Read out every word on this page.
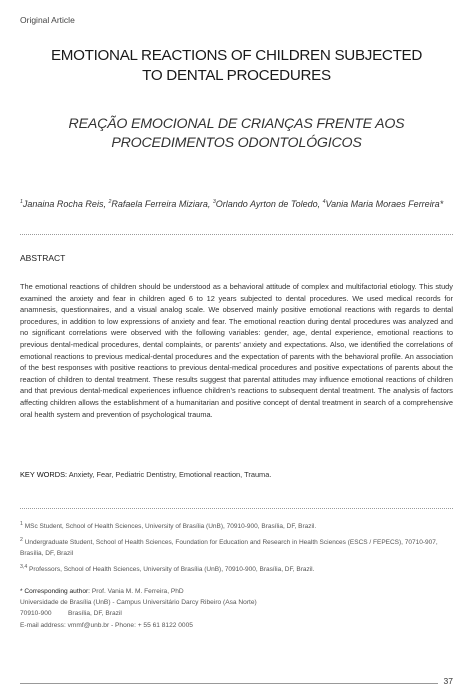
Original Article
EMOTIONAL REACTIONS OF CHILDREN SUBJECTED
TO DENTAL PROCEDURES
REAÇÃO EMOCIONAL DE CRIANÇAS FRENTE AOS
PROCEDIMENTOS ODONTOLÓGICOS
$^1$Janaina Rocha Reis, $^2$Rafaela Ferreira Miziara, $^3$Orlando Ayrton de Toledo, $^4$Vania Maria Moraes Ferreira*
ABSTRACT
The emotional reactions of children should be understood as a behavioral attitude of complex and multifactorial etiology. This study examined the anxiety and fear in children aged 6 to 12 years subjected to dental procedures. We used medical records for anamnesis, questionnaires, and a visual analog scale. We observed mainly positive emotional reactions with regards to dental procedures, in addition to low expressions of anxiety and fear. The emotional reaction during dental procedures was analyzed and no significant correlations were observed with the following variables: gender, age, dental experience, emotional reactions to previous dental-medical procedures, dental complaints, or parents’ anxiety and expectations. Also, we identified the correlations of emotional reactions to previous medical-dental procedures and the expectation of parents with the behavioral profile. An association of the best responses with positive reactions to previous dental-medical procedures and positive expectations of parents about the reaction of children to dental treatment. These results suggest that parental attitudes may influence emotional reactions of children and that previous dental-medical experiences influence children’s reactions to subsequent dental treatment. The analysis of factors affecting children allows the establishment of a humanitarian and positive concept of dental treatment in search of a comprehensive oral health system and prevention of psychological trauma.
KEY WORDS: Anxiety, Fear, Pediatric Dentistry, Emotional reaction, Trauma.

$^1$ MSc Student, School of Health Sciences, University of Brasília (UnB), 70910-900, Brasília, DF, Brazil.

$^2$ Undergraduate Student, School of Health Sciences, Foundation for Education and Research in Health Sciences (ESCS / FEPECS), 70710-907, Brasília, DF, Brazil

$^{3,4}$ Professors, School of Health Sciences, University of Brasília (UnB), 70910-900, Brasília, DF, Brazil.

* Corresponding author: Prof. Vania M. M. Ferreira, PhD

Universidade de Brasília (UnB) - Campus Universitário Darcy Ribeiro (Asa Norte)

70910-900         Brasília, DF, Brazil

E-mail address: vmmf@unb.br - Phone: + 55 61 8122 0005

37
